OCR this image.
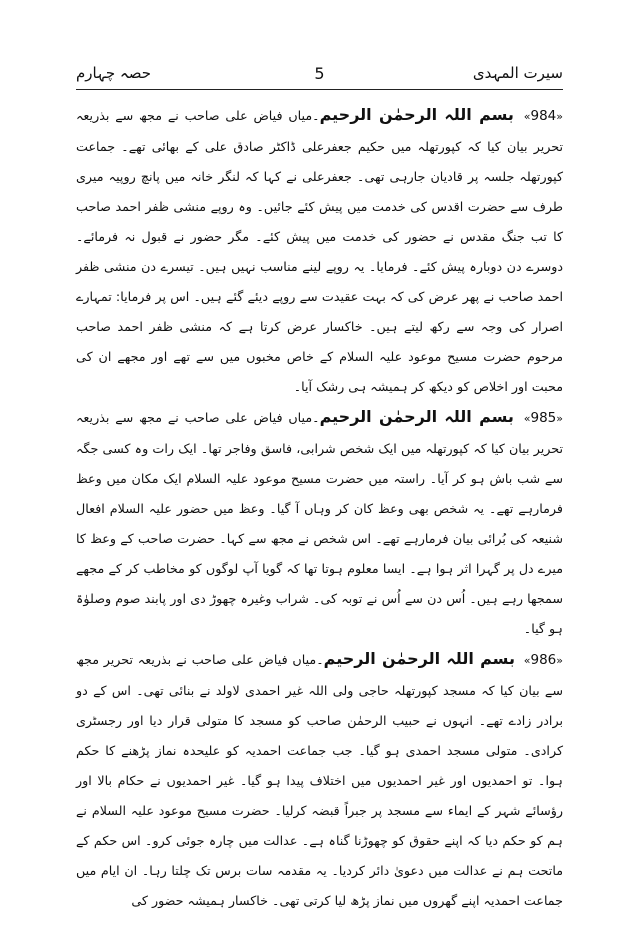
سیرت المہدی
5
حصہ چہارم

«984» بسم اللہ الرحمٰن الرحیم۔میاں فیاض علی صاحب نے مجھ سے بذریعہ تحریر بیان کیا کہ کپورتھلہ میں حکیم جعفرعلی ڈاکٹر صادق علی کے بھائی تھے۔ جماعت کپورتھلہ جلسہ پر قادیان جارہی تھی۔ جعفرعلی نے کہا کہ لنگر خانہ میں پانچ روپیہ میری طرف سے حضرت اقدس کی خدمت میں پیش کئے جائیں۔ وہ روپے منشی ظفر احمد صاحب کا تب جنگ مقدس نے حضور کی خدمت میں پیش کئے۔ مگر حضور نے قبول نہ فرمائے۔ دوسرے دن دوبارہ پیش کئے۔ فرمایا۔ یہ روپے لینے مناسب نہیں ہیں۔ تیسرے دن منشی ظفر احمد صاحب نے پھر عرض کی کہ بہت عقیدت سے روپے دیئے گئے ہیں۔ اس پر فرمایا: تمہارے اصرار کی وجہ سے رکھ لیتے ہیں۔ خاکسار عرض کرتا ہے کہ منشی ظفر احمد صاحب مرحوم حضرت مسیح موعود علیہ السلام کے خاص مخبوں میں سے تھے اور مجھے ان کی محبت اور اخلاص کو دیکھ کر ہمیشہ ہی رشک آیا۔

«985» بسم اللہ الرحمٰن الرحیم۔میاں فیاض علی صاحب نے مجھ سے بذریعہ تحریر بیان کیا کہ کپورتھلہ میں ایک شخص شرابی، فاسق وفاجر تھا۔ ایک رات وہ کسی جگہ سے شب باش ہو کر آیا۔ راستہ میں حضرت مسیح موعود علیہ السلام ایک مکان میں وعظ فرمارہے تھے۔ یہ شخص بھی وعظ کان کر وہاں آ گیا۔ وعظ میں حضور علیہ السلام افعال شنیعہ کی بُرائی بیان فرمارہے تھے۔ اس شخص نے مجھ سے کہا۔ حضرت صاحب کے وعظ کا میرے دل پر گہرا اثر ہوا ہے۔ ایسا معلوم ہوتا تھا کہ گویا آپ لوگوں کو مخاطب کر کے مجھے سمجھا رہے ہیں۔ اُس دن سے اُس نے توبہ کی۔ شراب وغیرہ چھوڑ دی اور پابند صوم وصلوٰۃ ہو گیا۔

«986» بسم اللہ الرحمٰن الرحیم۔میاں فیاض علی صاحب نے بذریعہ تحریر مجھ سے بیان کیا کہ مسجد کپورتھلہ حاجی ولی اللہ غیر احمدی لاولد نے بنائی تھی۔ اس کے دو برادر زادے تھے۔ انہوں نے حبیب الرحمٰن صاحب کو مسجد کا متولی قرار دیا اور رجسٹری کرادی۔ متولی مسجد احمدی ہو گیا۔ جب جماعت احمدیہ کو علیحدہ نماز پڑھنے کا حکم ہوا۔ تو احمدیوں اور غیر احمدیوں میں اختلاف پیدا ہو گیا۔ غیر احمدیوں نے حکام بالا اور رؤسائے شہر کے ایماء سے مسجد پر جبراً قبضہ کرلیا۔ حضرت مسیح موعود علیہ السلام نے ہم کو حکم دیا کہ اپنے حقوق کو چھوڑنا گناہ ہے۔ عدالت میں چارہ جوئی کرو۔ اس حکم کے ماتحت ہم نے عدالت میں دعویٰ دائر کردیا۔ یہ مقدمہ سات برس تک چلتا رہا۔ ان ایام میں جماعت احمدیہ اپنے گھروں میں نماز پڑھ لیا کرتی تھی۔ خاکسار ہمیشہ حضور کی
